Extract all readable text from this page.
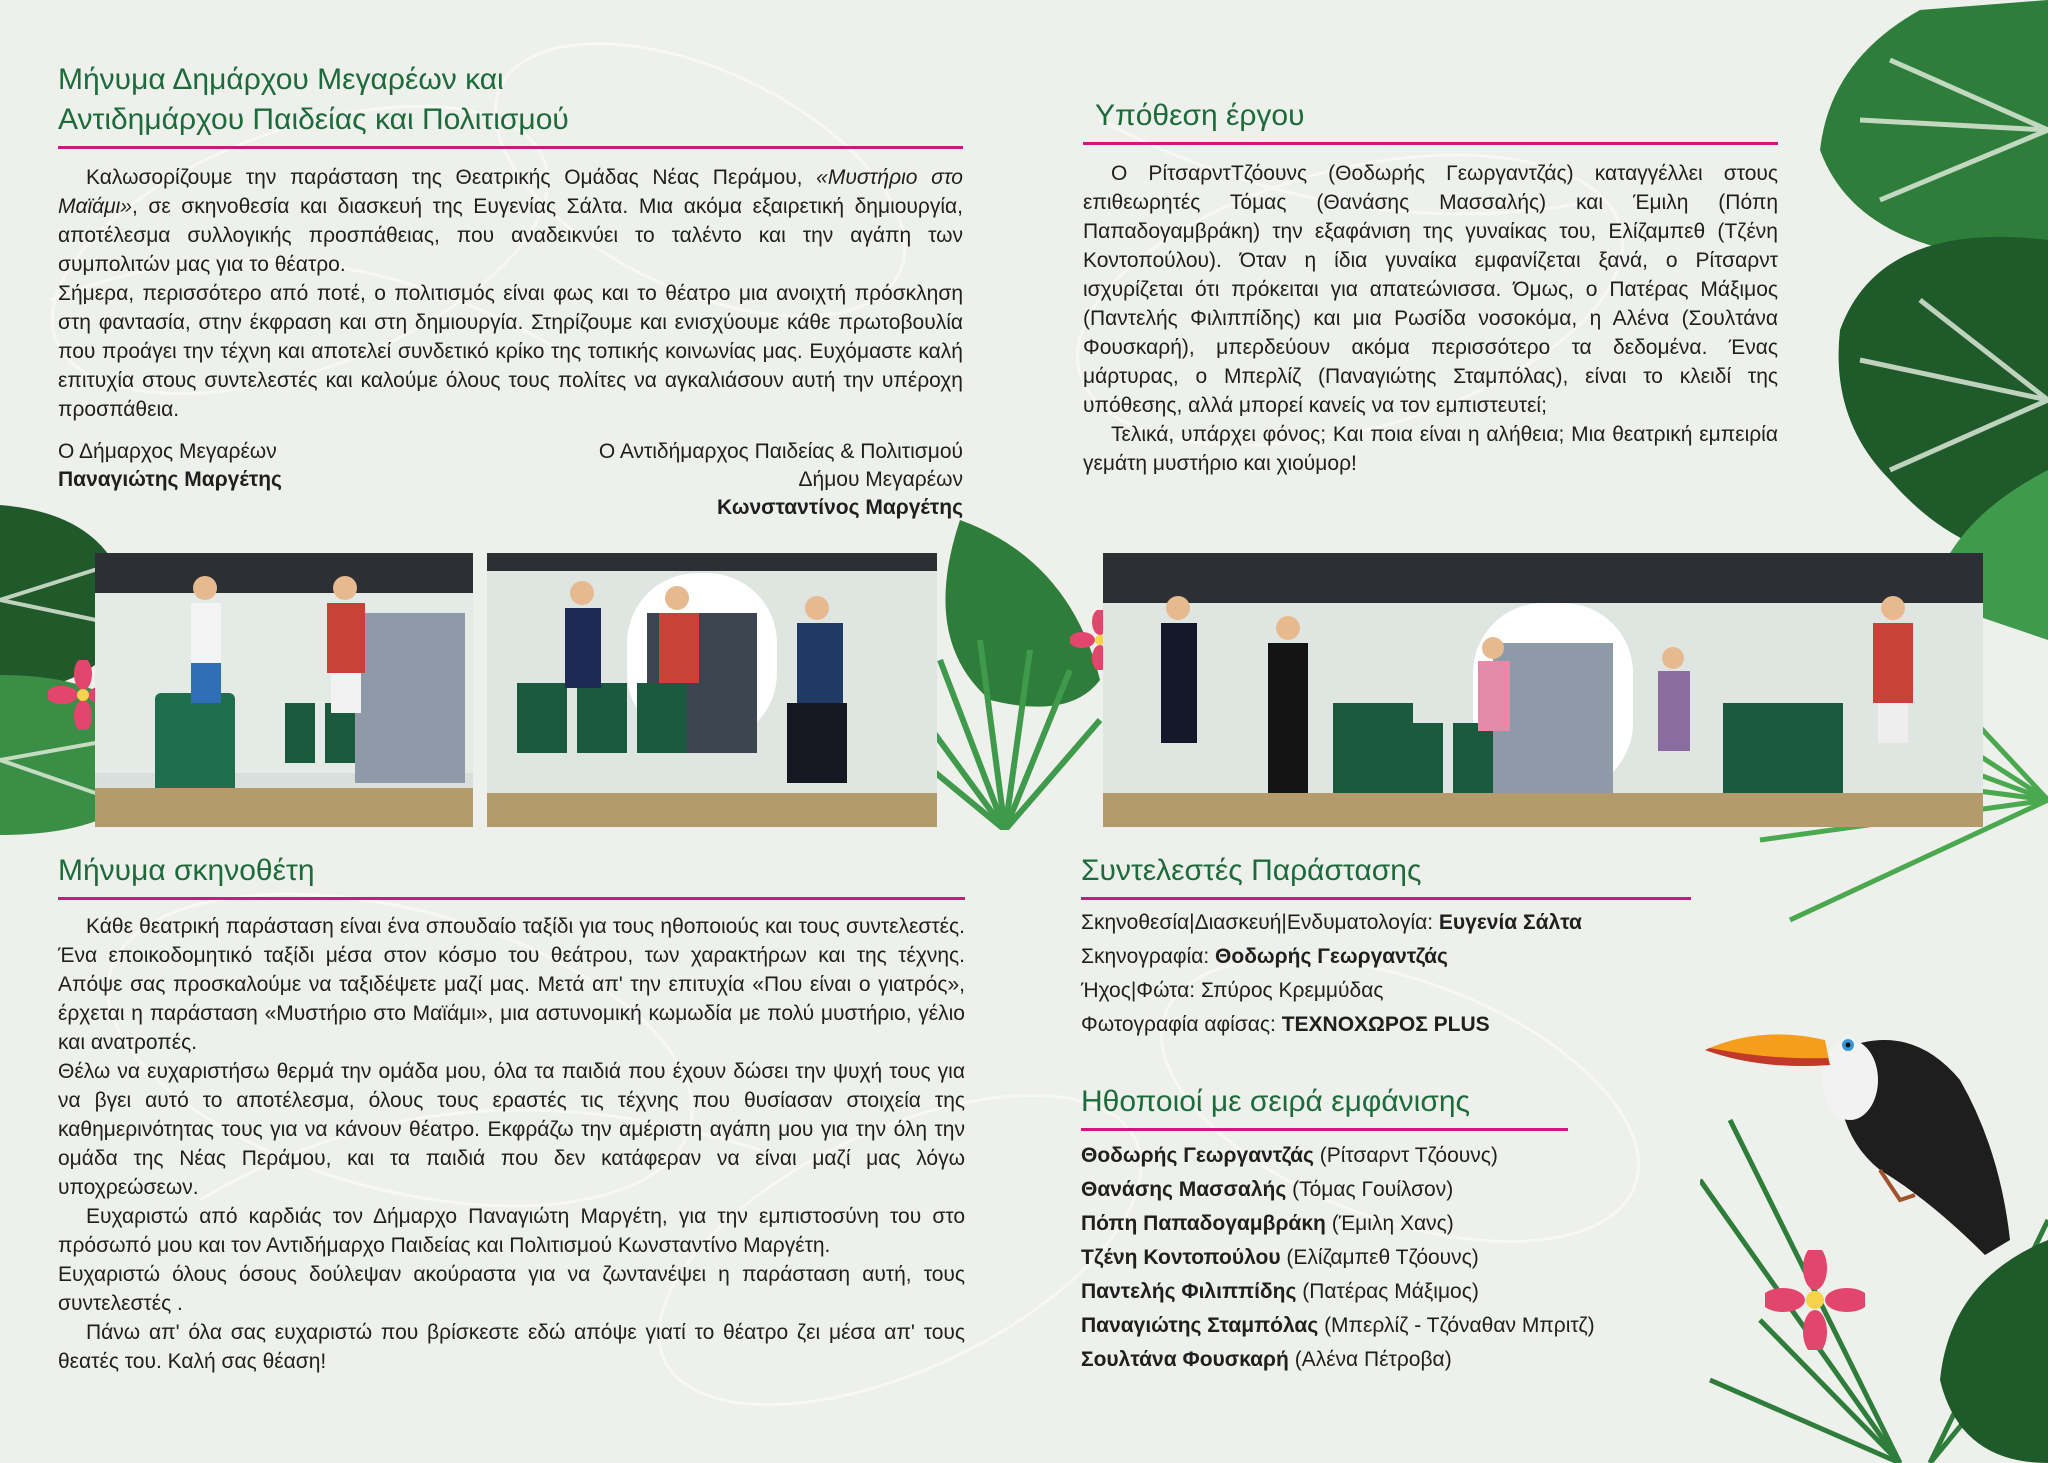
Μήνυμα Δημάρχου Μεγαρέων και
Αντιδημάρχου Παιδείας και Πολιτισμού

Καλωσορίζουμε την παράσταση της Θεατρικής Ομάδας Νέας Περάμου, «Μυστήριο στο Μαϊάμι», σε σκηνοθεσία και διασκευή της Ευγενίας Σάλτα. Μια ακόμα εξαιρετική δημιουργία, αποτέλεσμα συλλογικής προσπάθειας, που αναδεικνύει το ταλέντο και την αγάπη των συμπολιτών μας για το θέατρο.

Σήμερα, περισσότερο από ποτέ, ο πολιτισμός είναι φως και το θέατρο μια ανοιχτή πρόσκληση στη φαντασία, στην έκφραση και στη δημιουργία. Στηρίζουμε και ενισχύουμε κάθε πρωτοβουλία που προάγει την τέχνη και αποτελεί συνδετικό κρίκο της τοπικής κοινωνίας μας. Ευχόμαστε καλή επιτυχία στους συντελεστές και καλούμε όλους τους πολίτες να αγκαλιάσουν αυτή την υπέροχη προσπάθεια.

Ο Δήμαρχος Μεγαρέων
Παναγιώτης Μαργέτης
Ο Αντιδήμαρχος Παιδείας & Πολιτισμού
Δήμου Μεγαρέων
Κωνσταντίνος Μαργέτης
Υπόθεση έργου

Ο ΡίτσαρντΤζόουνς (Θοδωρής Γεωργαντζάς) καταγγέλλει στους επιθεωρητές Τόμας (Θανάσης Μασσαλής) και Έμιλη (Πόπη Παπαδογαμβράκη) την εξαφάνιση της γυναίκας του, Ελίζαμπεθ (Τζένη Κοντοπούλου). Όταν η ίδια γυναίκα εμφανίζεται ξανά, ο Ρίτσαρντ ισχυρίζεται ότι πρόκειται για απατεώνισσα. Όμως, ο Πατέρας Μάξιμος (Παντελής Φιλιππίδης) και μια Ρωσίδα νοσοκόμα, η Αλένα (Σουλτάνα Φουσκαρή), μπερδεύουν ακόμα περισσότερο τα δεδομένα. Ένας μάρτυρας, ο Μπερλίζ (Παναγιώτης Σταμπόλας), είναι το κλειδί της υπόθεσης, αλλά μπορεί κανείς να τον εμπιστευτεί;

Τελικά, υπάρχει φόνος; Και ποια είναι η αλήθεια; Μια θεατρική εμπειρία γεμάτη μυστήριο και χιούμορ!

Μήνυμα σκηνοθέτη

Κάθε θεατρική παράσταση είναι ένα σπουδαίο ταξίδι για τους ηθοποιούς και τους συντελεστές. Ένα εποικοδομητικό ταξίδι μέσα στον κόσμο του θεάτρου, των χαρακτήρων και της τέχνης. Απόψε σας προσκαλούμε να ταξιδέψετε μαζί μας. Μετά απ' την επιτυχία «Που είναι ο γιατρός», έρχεται η παράσταση «Μυστήριο στο Μαϊάμι», μια αστυνομική κωμωδία με πολύ μυστήριο, γέλιο και ανατροπές.

Θέλω να ευχαριστήσω θερμά την ομάδα μου, όλα τα παιδιά που έχουν δώσει την ψυχή τους για να βγει αυτό το αποτέλεσμα, όλους τους εραστές τις τέχνης που θυσίασαν στοιχεία της καθημερινότητας τους για να κάνουν θέατρο. Εκφράζω την αμέριστη αγάπη μου για την όλη την ομάδα της Νέας Περάμου, και τα παιδιά που δεν κατάφεραν να είναι μαζί μας λόγω υποχρεώσεων.

Ευχαριστώ από καρδιάς τον Δήμαρχο Παναγιώτη Μαργέτη, για την εμπιστοσύνη του στο πρόσωπό μου και τον Αντιδήμαρχο Παιδείας και Πολιτισμού Κωνσταντίνο Μαργέτη.

Ευχαριστώ όλους όσους δούλεψαν ακούραστα για να ζωντανέψει η παράσταση αυτή, τους συντελεστές .

Πάνω απ' όλα σας ευχαριστώ που βρίσκεστε εδώ απόψε γιατί το θέατρο ζει μέσα απ' τους θεατές του. Καλή σας θέαση!

Συντελεστές Παράστασης
Σκηνοθεσία|Διασκευή|Ενδυματολογία: Ευγενία Σάλτα
Σκηνογραφία: Θοδωρής Γεωργαντζάς
Ήχος|Φώτα: Σπύρος Κρεμμύδας
Φωτογραφία αφίσας: ΤΕΧΝΟΧΩΡΟΣ PLUS
Ηθοποιοί με σειρά εμφάνισης
Θοδωρής Γεωργαντζάς (Ρίτσαρντ Τζόουνς)
Θανάσης Μασσαλής (Τόμας Γουίλσον)
Πόπη Παπαδογαμβράκη (Έμιλη Χανς)
Τζένη Κοντοπούλου (Ελίζαμπεθ Τζόουνς)
Παντελής Φιλιππίδης (Πατέρας Μάξιμος)
Παναγιώτης Σταμπόλας (Μπερλίζ - Τζόναθαν Μπριτζ)
Σουλτάνα Φουσκαρή (Αλένα Πέτροβα)
